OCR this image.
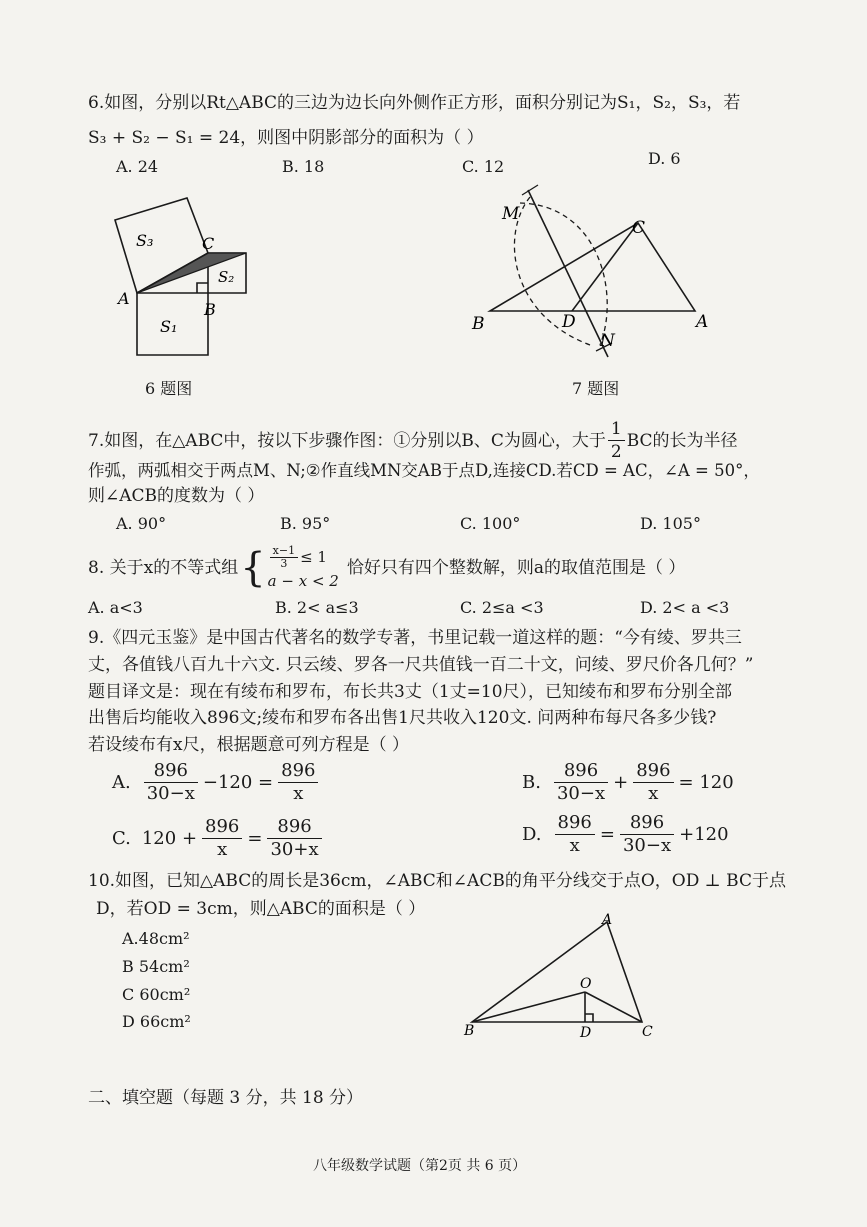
6.如图，分别以Rt△ABC的三边为边长向外侧作正方形，面积分别记为S₁，S₂，S₃，若
S₃ + S₂ − S₁ = 24，则图中阴影部分的面积为（ ）
A. 24	B. 18	C. 12	D. 6
S₃
S₂
S₁
A
B
C
6 题图
M
N
B	D	A
C
7 题图
7.如图，在△ABC中，按以下步骤作图：①分别以B、C为圆心，大于 $\frac{1}{2}$ BC的长为半径
作弧，两弧相交于两点M、N;②作直线MN交AB于点D,连接CD.若CD = AC，∠A = 50°，
则∠ACB的度数为（ ）
A. 90°	B. 95°	C. 100°	D. 105°
8. 关于x的不等式组 { $\frac{x-1}{3} \le 1$
a − x < 2
恰好只有四个整数解，则a的取值范围是（ ）
A. a<3	B. 2< a≤3	C. 2≤a <3	D. 2< a <3
9.《四元玉鉴》是中国古代著名的数学专著，书里记载一道这样的题：“今有绫、罗共三
丈，各值钱八百九十六文. 只云绫、罗各一尺共值钱一百二十文，问绫、罗尺价各几何？”
题目译文是：现在有绫布和罗布，布长共3丈（1丈=10尺），已知绫布和罗布分别全部
出售后均能收入896文;绫布和罗布各出售1尺共收入120文. 问两种布每尺各多少钱?
若设绫布有x尺，根据题意可列方程是（ ）
A. $\frac{896}{30-x} -120 = \frac{896}{x}$	B. $\frac{896}{30-x} + \frac{896}{x} = 120$
C. $120 + \frac{896}{x} = \frac{896}{30+x}$	D. $\frac{896}{x} = \frac{896}{30-x} +120$
10.如图，已知△ABC的周长是36cm，∠ABC和∠ACB的角平分线交于点O，OD ⊥ BC于点
D，若OD = 3cm，则△ABC的面积是（ ）
A.48cm²
B 54cm²
C 60cm²
D 66cm²
A
O
B	D	C
二、填空题（每题 3 分，共 18 分）
八年级数学试题（第2页 共 6 页）
